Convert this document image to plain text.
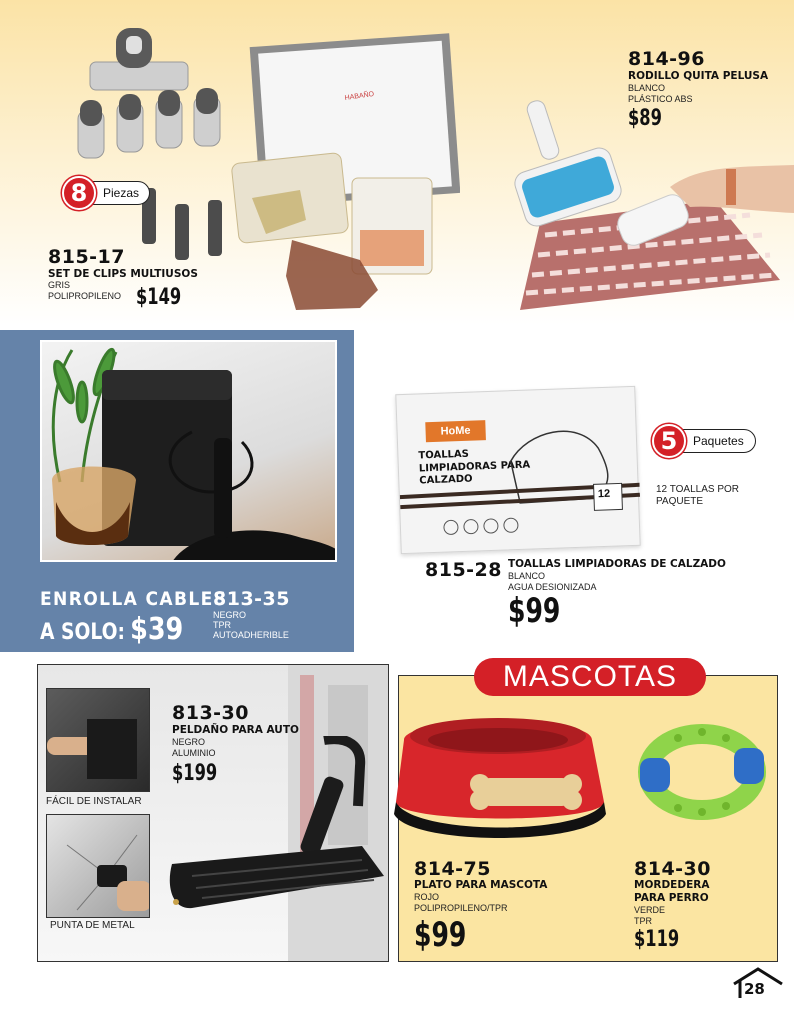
HABAÑO
Piezas
8
815-17
SET DE CLIPS MULTIUSOS
GRIS
POLIPROPILENO $149
814-96
RODILLO QUITA PELUSA
BLANCO
PLÁSTICO ABS
$89
ENROLLA CABLES
A SOLO: $39
813-35
NEGRO
TPR
AUTOADHERIBLE
HoMe
TOALLAS LIMPIADORAS PARA CALZADO
12
Paquetes
5
12 TOALLAS POR PAQUETE
815-28 TOALLAS LIMPIADORAS DE CALZADO
BLANCO
AGUA DESIONIZADA
$99
FÁCIL DE INSTALAR
PUNTA DE METAL
813-30
PELDAÑO PARA AUTO
NEGRO
ALUMINIO
$199
MASCOTAS
814-75
PLATO PARA MASCOTA
ROJO
POLIPROPILENO/TPR
$99
814-30
MORDEDERA
PARA PERRO
VERDE
TPR
$119
28
